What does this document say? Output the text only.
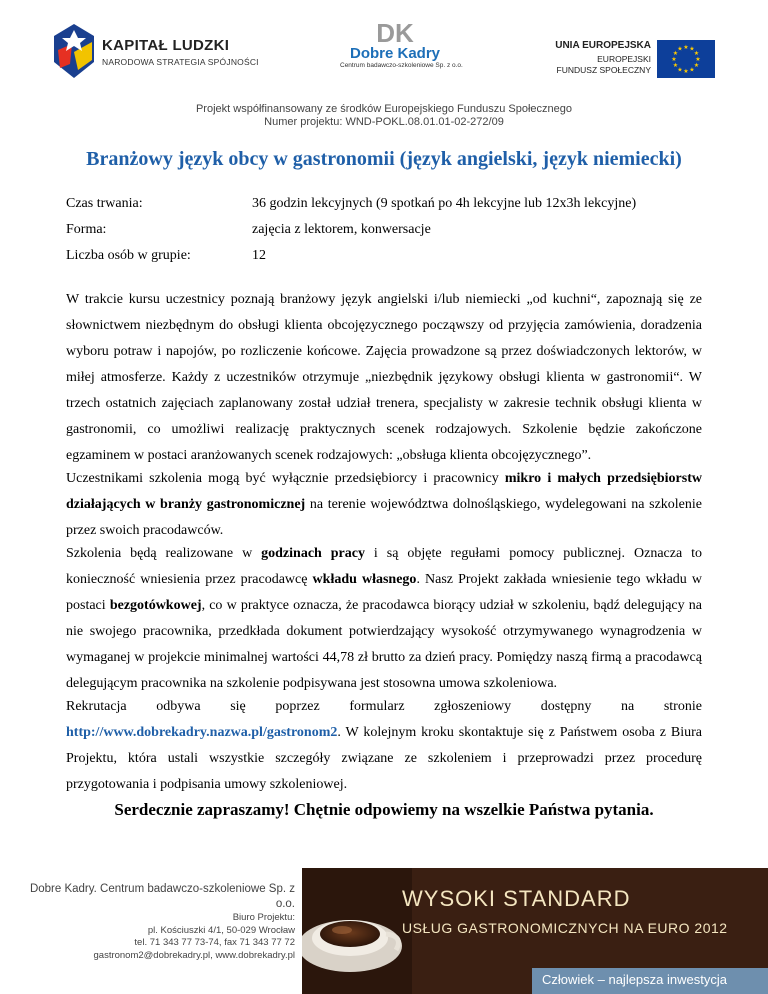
KAPITAŁ LUDZKI
NARODOWA STRATEGIA SPÓJNOŚCI
DK
Dobre Kadry
Centrum badawczo-szkoleniowe Sp. z o.o.
UNIA EUROPEJSKA
EUROPEJSKI
FUNDUSZ SPOŁECZNY
★ ★
★
★
★
★
★
★
★
★
★
★
Projekt współfinansowany ze środków Europejskiego Funduszu Społecznego
Numer projektu: WND-POKL.08.01.01-02-272/09
Branżowy język obcy w gastronomii (język angielski, język niemiecki)
Czas trwania:	36 godzin lekcyjnych (9 spotkań po 4h lekcyjne lub 12x3h lekcyjne)
Forma:	zajęcia z lektorem, konwersacje
Liczba osób w grupie:	12

W trakcie kursu uczestnicy poznają branżowy język angielski i/lub niemiecki „od kuchni“, zapoznają się ze słownictwem niezbędnym do obsługi klienta obcojęzycznego począwszy od przyjęcia zamówienia, doradzenia wyboru potraw i napojów, po rozliczenie końcowe. Zajęcia prowadzone są przez doświadczonych lektorów, w miłej atmosferze. Każdy z uczestników otrzymuje „niezbędnik językowy obsługi klienta w gastronomii“. W trzech ostatnich zajęciach zaplanowany został udział trenera, specjalisty w zakresie technik obsługi klienta w gastronomii, co umożliwi realizację praktycznych scenek rodzajowych. Szkolenie będzie zakończone egzaminem w postaci aranżowanych scenek rodzajowych: „obsługa klienta obcojęzycznego”.

Uczestnikami szkolenia mogą być wyłącznie przedsiębiorcy i pracownicy mikro i małych przedsiębiorstw działających w branży gastronomicznej na terenie województwa dolnośląskiego, wydelegowani na szkolenie przez swoich pracodawców.

Szkolenia będą realizowane w godzinach pracy i są objęte regułami pomocy publicznej. Oznacza to konieczność wniesienia przez pracodawcę wkładu własnego. Nasz Projekt zakłada wniesienie tego wkładu w postaci bezgotówkowej, co w praktyce oznacza, że pracodawca biorący udział w szkoleniu, bądź delegujący na nie swojego pracownika, przedkłada dokument potwierdzający wysokość otrzymywanego wynagrodzenia w wymaganej w projekcie minimalnej wartości 44,78 zł brutto za dzień pracy. Pomiędzy naszą firmą a pracodawcą delegującym pracownika na szkolenie podpisywana jest stosowna umowa szkoleniowa.

Rekrutacja odbywa się poprzez formularz zgłoszeniowy dostępny na stronie
http://www.dobrekadry.nazwa.pl/gastronom2. W kolejnym kroku skontaktuje się z Państwem osoba z Biura Projektu, która ustali wszystkie szczegóły związane ze szkoleniem i przeprowadzi przez procedurę przygotowania i podpisania umowy szkoleniowej.

Serdecznie zapraszamy! Chętnie odpowiemy na wszelkie Państwa pytania.

Dobre Kadry. Centrum badawczo-szkoleniowe Sp. z o.o.
Biuro Projektu:
pl. Kościuszki 4/1, 50-029 Wrocław
tel. 71 343 77 73-74, fax 71 343 77 72
gastronom2@dobrekadry.pl, www.dobrekadry.pl
WYSOKI STANDARD
USŁUG GASTRONOMICZNYCH NA EURO 2012
Człowiek – najlepsza inwestycja
